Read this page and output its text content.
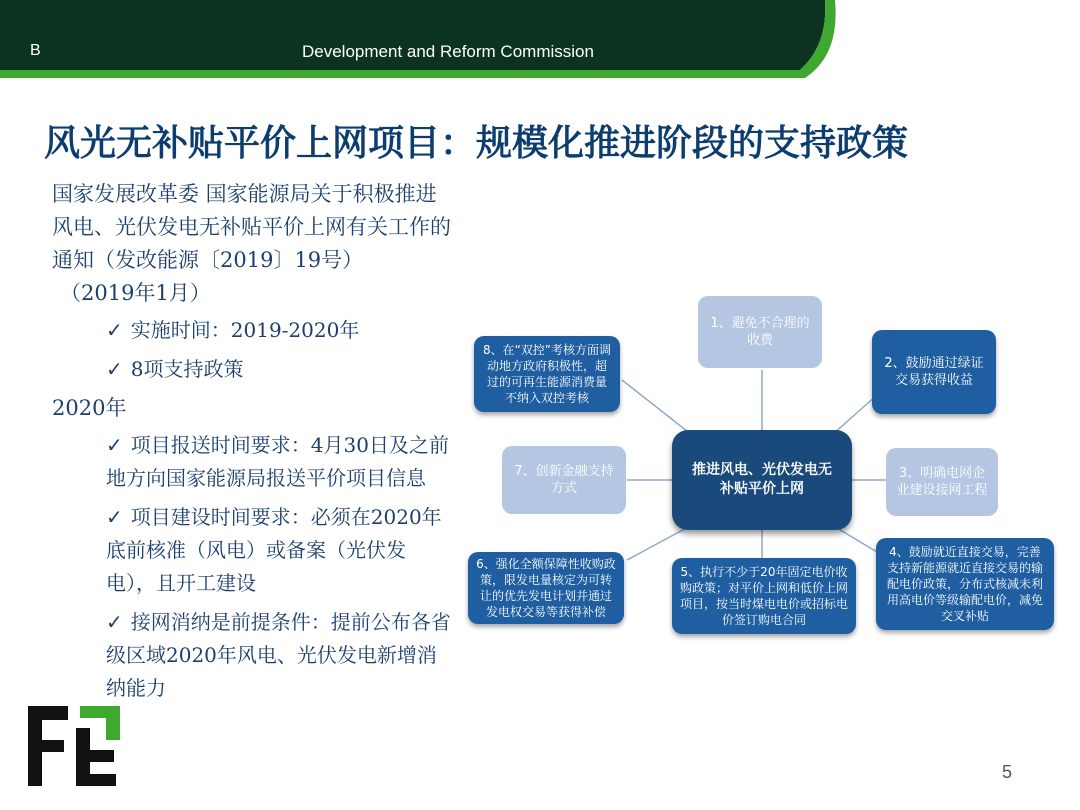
B	Development and Reform Commission
风光无补贴平价上网项目：规模化推进阶段的支持政策
国家发展改革委 国家能源局关于积极推进风电、光伏发电无补贴平价上网有关工作的通知（发改能源〔2019〕19号）
（2019年1月）
✓ 实施时间：2019-2020年
✓ 8项支持政策
2020年
✓ 项目报送时间要求：4月30日及之前地方向国家能源局报送平价项目信息
✓ 项目建设时间要求：必须在2020年底前核准（风电）或备案（光伏发电），且开工建设
✓ 接网消纳是前提条件：提前公布各省级区域2020年风电、光伏发电新增消纳能力
1、避免不合理的收费
2、鼓励通过绿证交易获得收益
3、明确电网企业建设接网工程
4、鼓励就近直接交易，完善支持新能源就近直接交易的输配电价政策，分布式核减未利用高电价等级输配电价，减免交叉补贴
5、执行不少于20年固定电价收购政策；对平价上网和低价上网项目，按当时煤电电价或招标电价签订购电合同
6、强化全额保障性收购政策，限发电量核定为可转让的优先发电计划并通过发电权交易等获得补偿
7、创新金融支持方式
8、在“双控”考核方面调动地方政府积极性，超过的可再生能源消费量不纳入双控考核
推进风电、光伏发电无补贴平价上网
5
